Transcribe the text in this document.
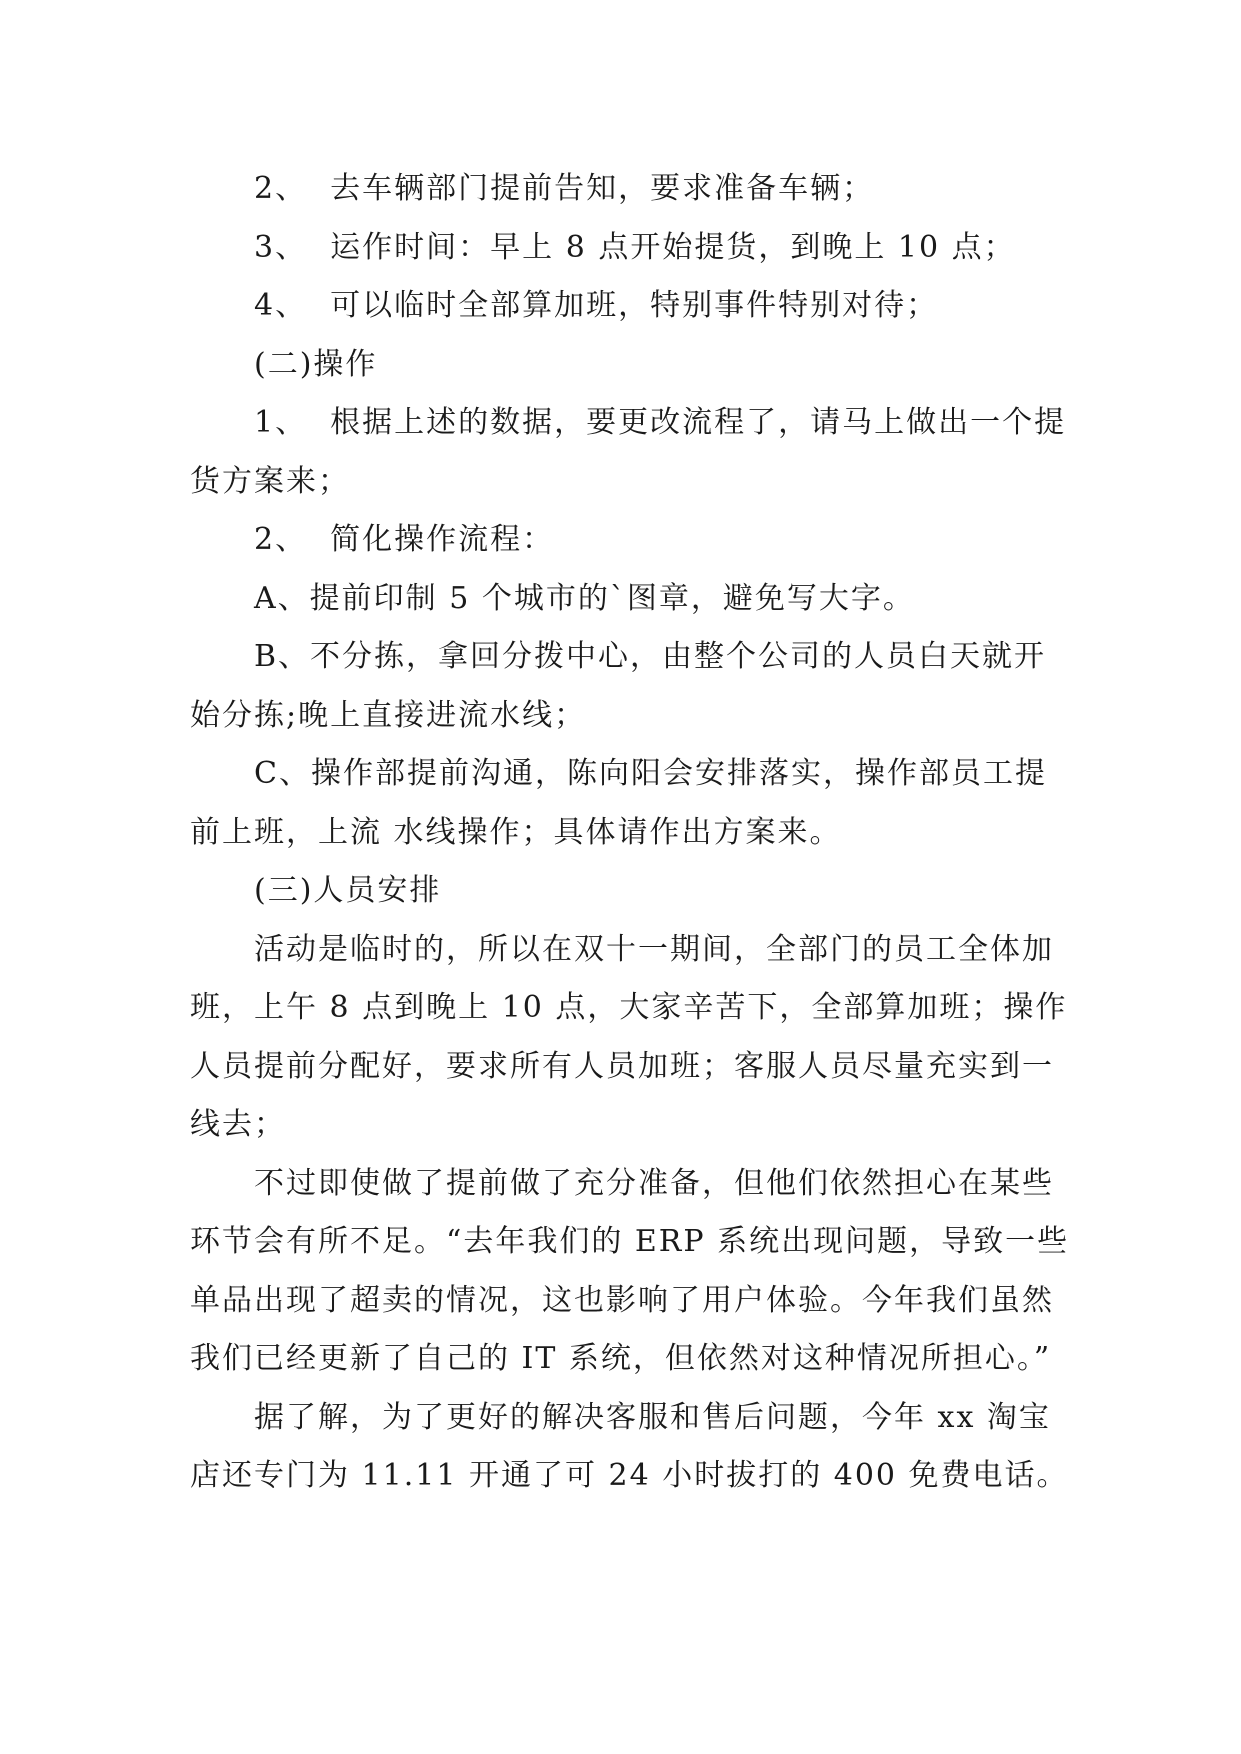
2、  去车辆部门提前告知，要求准备车辆；

3、  运作时间：早上 8 点开始提货，到晚上 10 点；

4、  可以临时全部算加班，特别事件特别对待；

(二)操作

1、  根据上述的数据，要更改流程了，请马上做出一个提货方案来；

2、  简化操作流程：

A、提前印制 5 个城市的`图章，避免写大字。

B、不分拣，拿回分拨中心，由整个公司的人员白天就开始分拣;晚上直接进流水线；

C、操作部提前沟通，陈向阳会安排落实，操作部员工提前上班，上流 水线操作；具体请作出方案来。

(三)人员安排

活动是临时的，所以在双十一期间，全部门的员工全体加班，上午 8 点到晚上 10 点，大家辛苦下，全部算加班；操作人员提前分配好，要求所有人员加班；客服人员尽量充实到一线去；

不过即使做了提前做了充分准备，但他们依然担心在某些环节会有所不足。“去年我们的 ERP 系统出现问题，导致一些单品出现了超卖的情况，这也影响了用户体验。今年我们虽然我们已经更新了自己的 IT 系统，但依然对这种情况所担心。”

据了解，为了更好的解决客服和售后问题，今年 xx 淘宝店还专门为 11.11 开通了可 24 小时拔打的 400 免费电话。
